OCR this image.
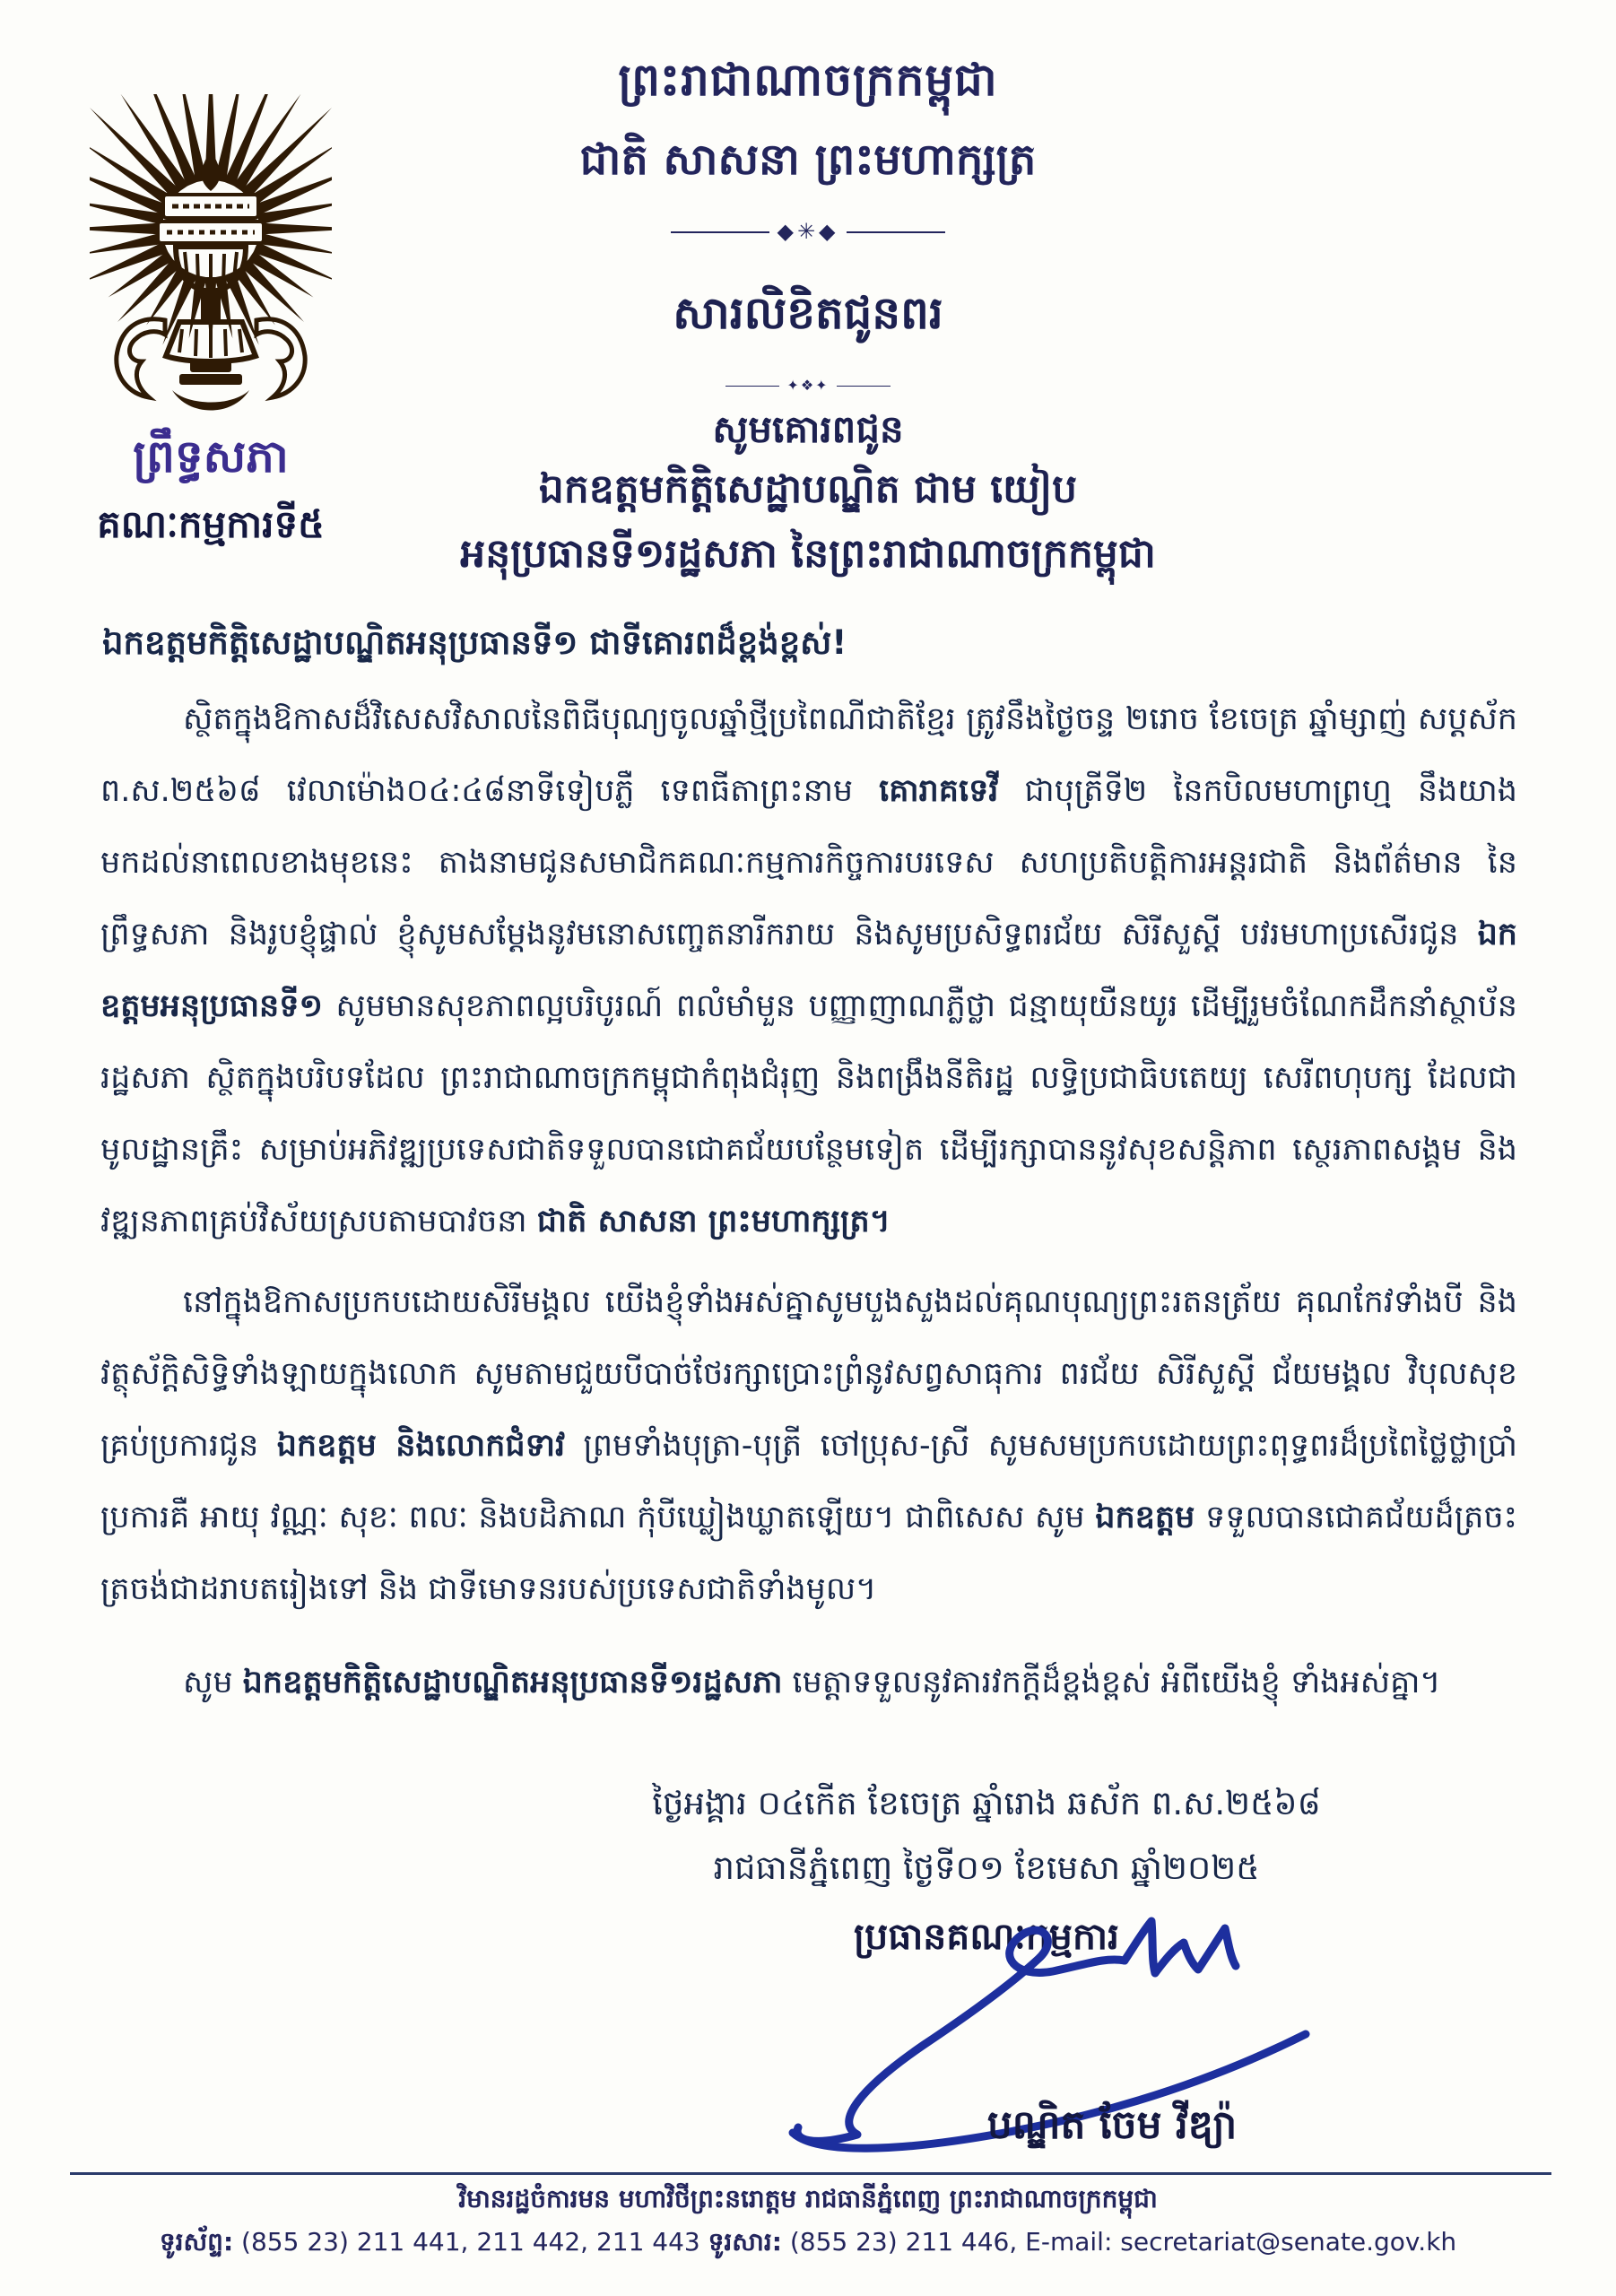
ព្រះរាជាណាចក្រកម្ពុជា
ជាតិ សាសនា ព្រះមហាក្សត្រ
◆✳◆
ព្រឹទ្ធសភា
គណៈកម្មការទី៥
សារលិខិតជូនពរ
✦❖✦
សូមគោរពជូន
ឯកឧត្តមកិត្តិសេដ្ឋាបណ្ឌិត ជាម យៀប
អនុប្រធានទី១រដ្ឋសភា នៃព្រះរាជាណាចក្រកម្ពុជា
ឯកឧត្តមកិត្តិសេដ្ឋាបណ្ឌិតអនុប្រធានទី១ ជាទីគោរពដ៏ខ្ពង់ខ្ពស់!

ស្ថិតក្នុងឱកាសដ៏វិសេសវិសាលនៃពិធីបុណ្យចូលឆ្នាំថ្មីប្រពៃណីជាតិខ្មែរ ត្រូវនឹងថ្ងៃចន្ទ ២រោច ខែចេត្រ ឆ្នាំម្សាញ់ សប្តស័ក ព.ស.២៥៦៨ វេលាម៉ោង០៤:៤៨នាទីទៀបភ្លឺ ទេពធីតាព្រះនាម គោរាគទេវី ជាបុត្រីទី២ នៃកបិលមហាព្រហ្ម នឹងយាងមកដល់នាពេលខាងមុខនេះ តាងនាមជូនសមាជិកគណៈកម្មការកិច្ចការបរទេស សហប្រតិបត្តិការអន្តរជាតិ និងព័ត៌មាន នៃព្រឹទ្ធសភា និងរូបខ្ញុំផ្ទាល់ ខ្ញុំសូមសម្តែងនូវមនោសញ្ចេតនារីករាយ និងសូមប្រសិទ្ធពរជ័យ សិរីសួស្តី បវរមហាប្រសើរជូន ឯកឧត្តមអនុប្រធានទី១ សូមមានសុខភាពល្អបរិបូរណ៍ ពលំមាំមួន បញ្ញាញាណភ្លឺថ្លា ជន្មាយុយឺនយូរ ដើម្បីរួមចំណែកដឹកនាំស្ថាប័នរដ្ឋសភា ស្ថិតក្នុងបរិបទដែល ព្រះរាជាណាចក្រកម្ពុជាកំពុងជំរុញ និងពង្រឹងនីតិរដ្ឋ លទ្ធិប្រជាធិបតេយ្យ សេរីពហុបក្ស ដែលជាមូលដ្ឋានគ្រឹះ សម្រាប់អភិវឌ្ឍប្រទេសជាតិទទួលបានជោគជ័យបន្ថែមទៀត ដើម្បីរក្សាបាននូវសុខសន្តិភាព ស្ថេរភាពសង្គម និងវឌ្ឍនភាពគ្រប់វិស័យស្របតាមបាវចនា ជាតិ សាសនា ព្រះមហាក្សត្រ។

នៅក្នុងឱកាសប្រកបដោយសិរីមង្គល យើងខ្ញុំទាំងអស់គ្នាសូមបួងសួងដល់គុណបុណ្យព្រះរតនត្រ័យ គុណកែវទាំងបី និងវត្ថុស័ក្តិសិទ្ធិទាំងឡាយក្នុងលោក សូមតាមជួយបីបាច់ថែរក្សាប្រោះព្រំនូវសព្វសាធុការ ពរជ័យ សិរីសួស្តី ជ័យមង្គល វិបុលសុខគ្រប់ប្រការជូន ឯកឧត្តម និងលោកជំទាវ ព្រមទាំងបុត្រា-បុត្រី ចៅប្រុស-ស្រី សូមសមប្រកបដោយព្រះពុទ្ធពរដ៏ប្រពៃថ្លៃថ្លាប្រាំប្រការគឺ អាយុ វណ្ណៈ សុខៈ ពលៈ និងបដិភាណ កុំបីឃ្លៀងឃ្លាតឡើយ។ ជាពិសេស សូម ឯកឧត្តម ទទួលបានជោគជ័យដ៏ត្រចះត្រចង់ជាដរាបតរៀងទៅ និង ជាទីមោទនរបស់ប្រទេសជាតិទាំងមូល។

សូម ឯកឧត្តមកិត្តិសេដ្ឋាបណ្ឌិតអនុប្រធានទី១រដ្ឋសភា មេត្តាទទួលនូវគារវកក្តីដ៏ខ្ពង់ខ្ពស់ អំពីយើងខ្ញុំ ទាំងអស់គ្នា។

ថ្ងៃអង្គារ ០៤កើត ខែចេត្រ ឆ្នាំរោង ឆស័ក ព.ស.២៥៦៨
រាជធានីភ្នំពេញ ថ្ងៃទី០១ ខែមេសា ឆ្នាំ២០២៥
ប្រធានគណៈកម្មការ
បណ្ឌិត ចែម វីឌ្យ៉ា
វិមានរដ្ឋចំការមន មហាវិថីព្រះនរោត្តម រាជធានីភ្នំពេញ ព្រះរាជាណាចក្រកម្ពុជា
ទូរស័ព្ទ: (855 23) 211 441, 211 442, 211 443 ទូរសារ: (855 23) 211 446, E-mail: secretariat@senate.gov.kh
